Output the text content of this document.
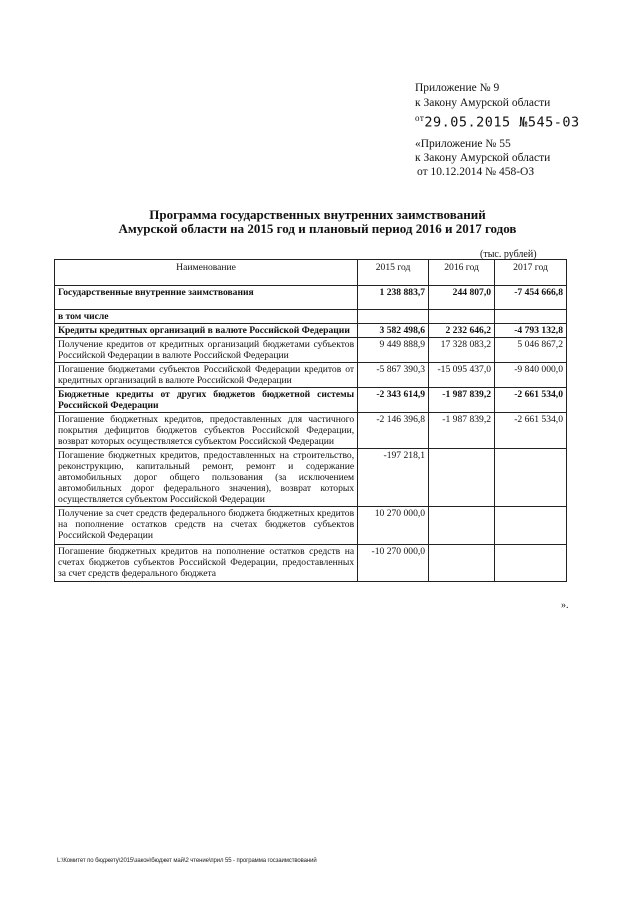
Приложение № 9
к Закону Амурской области
$^{от}$29.05.2015 №545-03
«Приложение № 55
к Закону Амурской области
от 10.12.2014 № 458-ОЗ
Программа государственных внутренних заимствований
Амурской области на 2015 год и плановый период 2016 и 2017 годов
(тыс. рублей)
Наименование	2015 год	2016 год	2017 год
Государственные внутренние заимствования	1 238 883,7	244 807,0	-7 454 666,8
в том числе			
Кредиты кредитных организаций в валюте Российской Федерации	3 582 498,6	2 232 646,2	-4 793 132,8
Получение кредитов от кредитных организаций бюджетами субъектов Российской Федерации в валюте Российской Федерации	9 449 888,9	17 328 083,2	5 046 867,2
Погашение бюджетами субъектов Российской Федерации кредитов от кредитных организаций в валюте Российской Федерации	-5 867 390,3	-15 095 437,0	-9 840 000,0
Бюджетные кредиты от других бюджетов бюджетной системы Российской Федерации	-2 343 614,9	-1 987 839,2	-2 661 534,0
Погашение бюджетных кредитов, предоставленных для частичного покрытия дефицитов бюджетов субъектов Российской Федерации, возврат которых осуществляется субъектом Российской Федерации	-2 146 396,8	-1 987 839,2	-2 661 534,0
Погашение бюджетных кредитов, предоставленных на строительство, реконструкцию, капитальный ремонт, ремонт и содержание автомобильных дорог общего пользования (за исключением автомобильных дорог федерального значения), возврат которых осуществляется субъектом Российской Федерации	-197 218,1		
Получение за счет средств федерального бюджета бюджетных кредитов на пополнение остатков средств на счетах бюджетов субъектов Российской Федерации	10 270 000,0		
Погашение бюджетных кредитов на пополнение остатков средств на счетах бюджетов субъектов Российской Федерации, предоставленных за счет средств федерального бюджета	-10 270 000,0		
».
L:\Комитет по бюджету\2015\закон\бюджет май\2 чтение\прил 55 - программа госзаимствований
